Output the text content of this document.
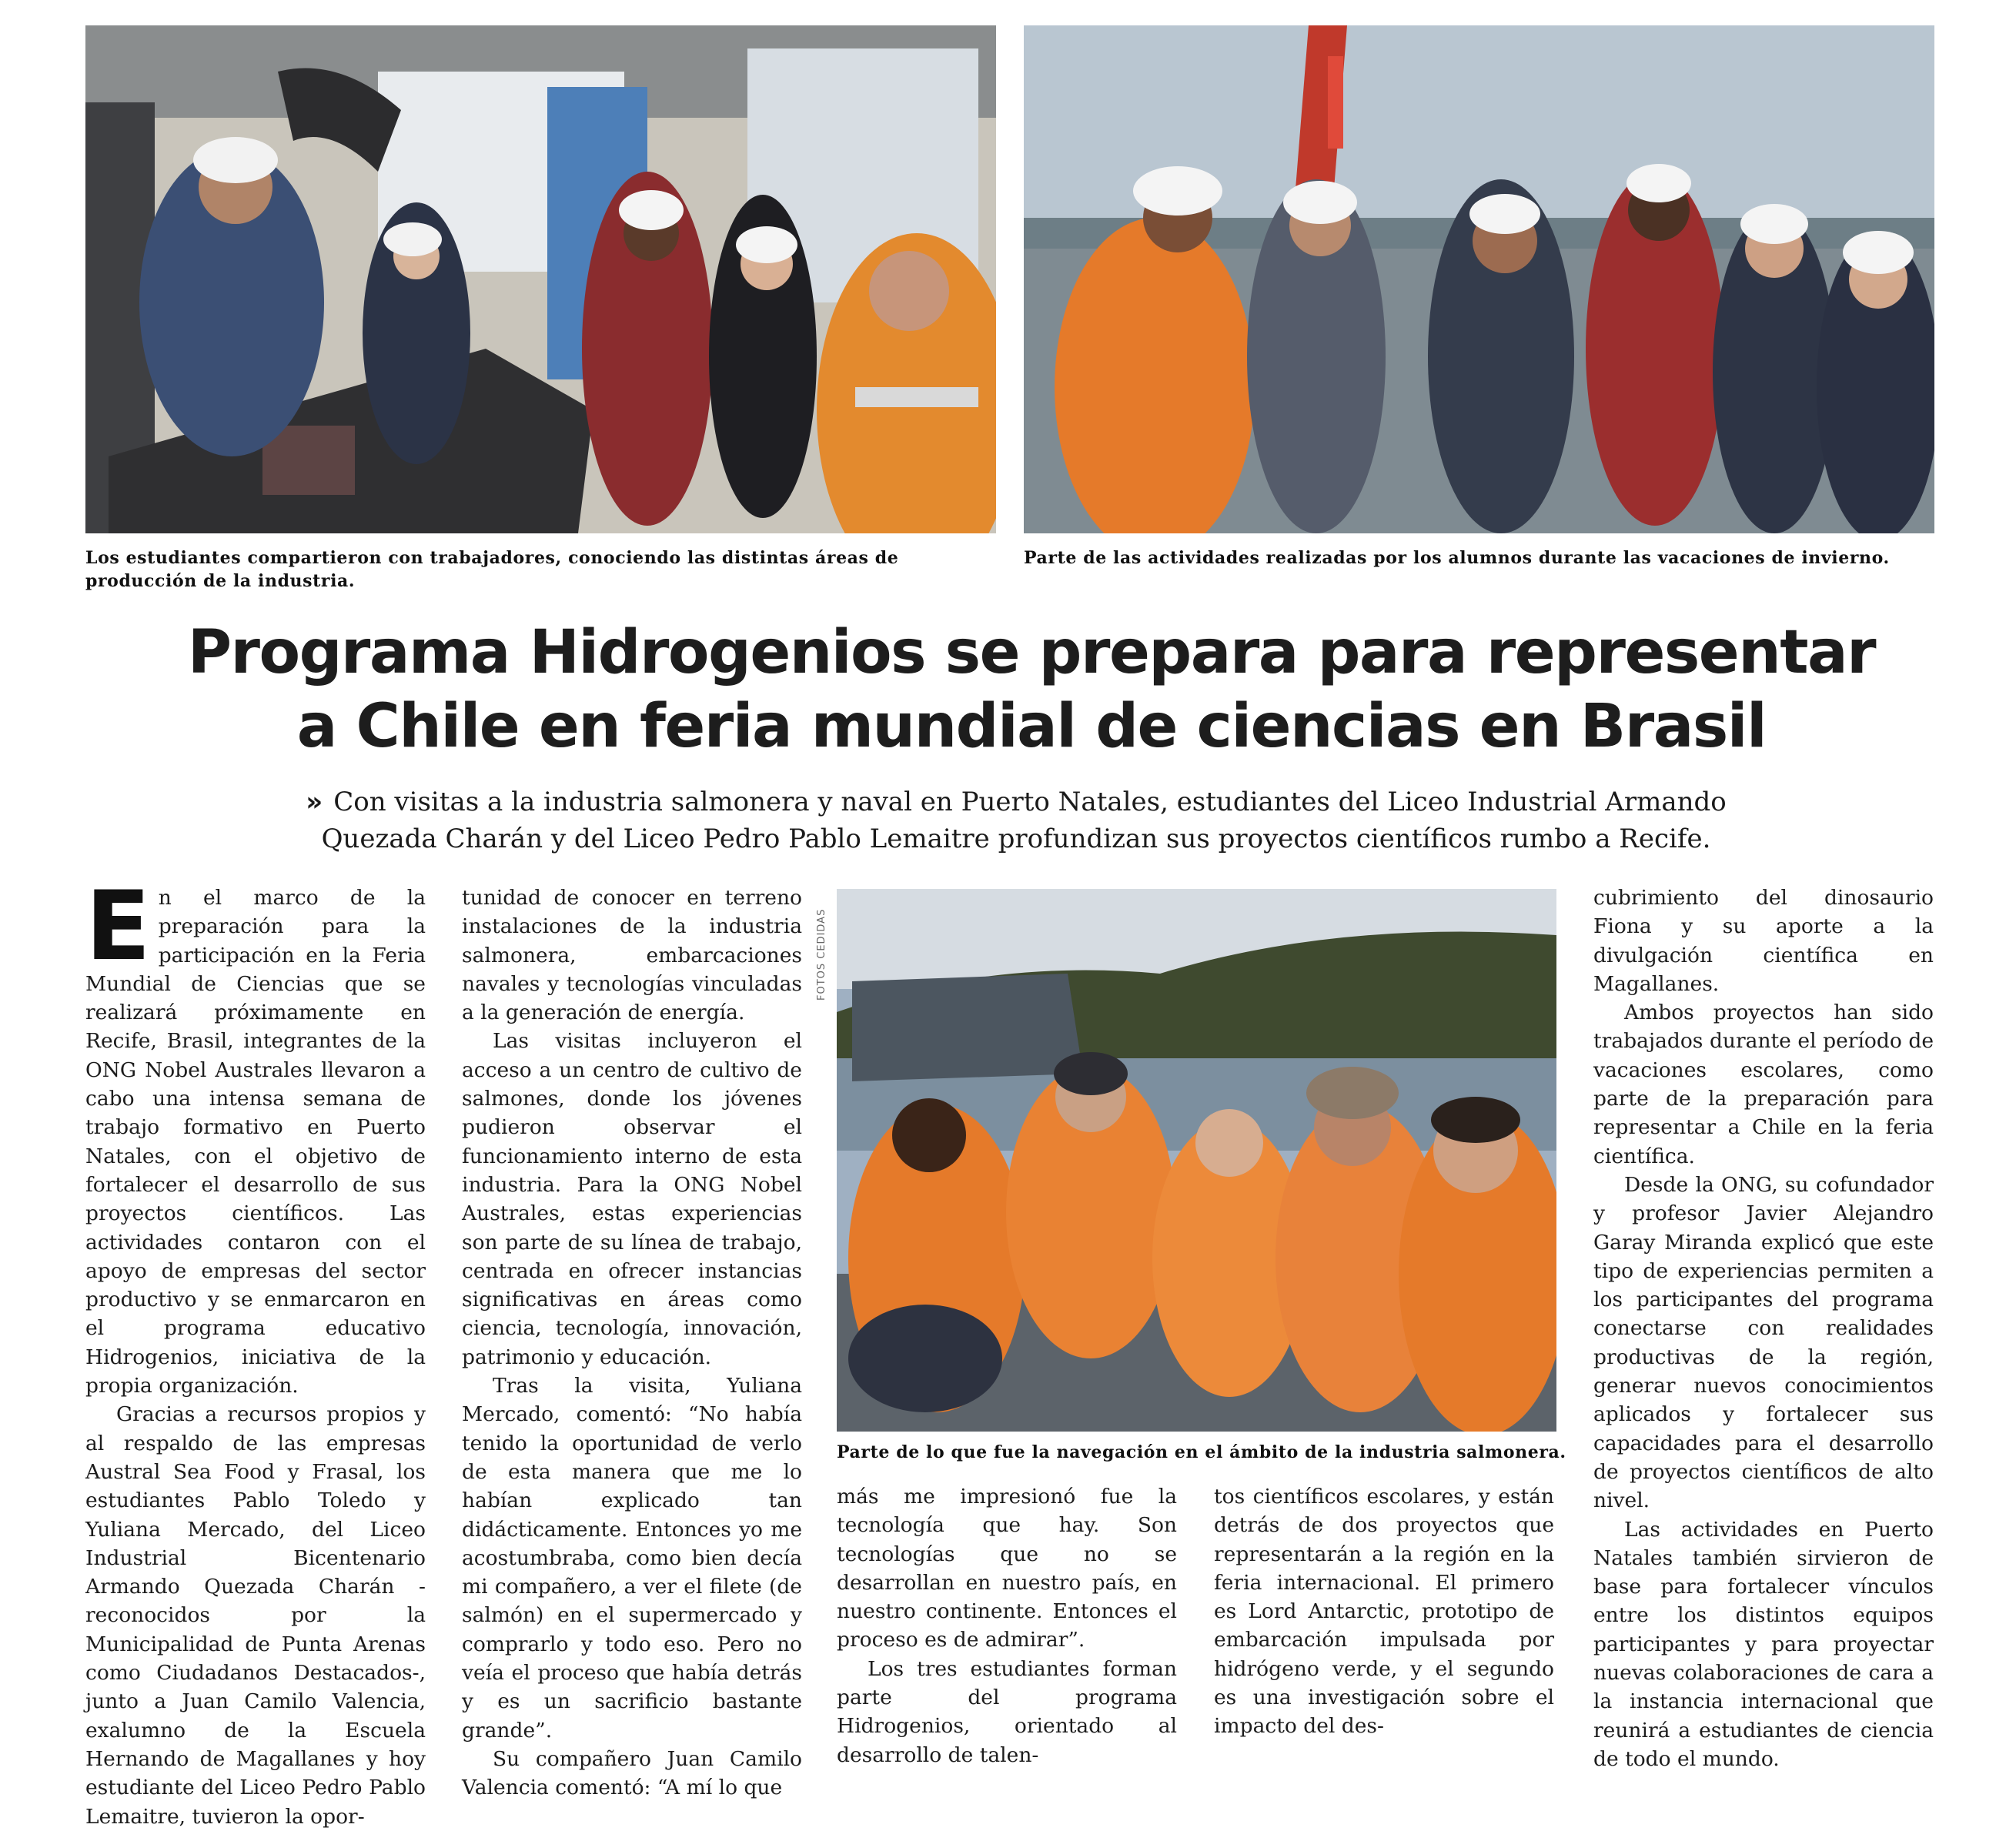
Los estudiantes compartieron con trabajadores, conociendo las distintas áreas de producción de la industria.
Parte de las actividades realizadas por los alumnos durante las vacaciones de invierno.
Programa Hidrogenios se prepara para representar
a Chile en feria mundial de ciencias en Brasil
» Con visitas a la industria salmonera y naval en Puerto Natales, estudiantes del Liceo Industrial Armando Quezada Charán y del Liceo Pedro Pablo Lemaitre profundizan sus proyectos científicos rumbo a Recife.

En el marco de la preparación para la participación en la Feria Mundial de Ciencias que se realizará próximamente en Recife, Brasil, integrantes de la ONG Nobel Australes llevaron a cabo una intensa semana de trabajo formativo en Puerto Natales, con el objetivo de fortalecer el desarrollo de sus proyectos científicos. Las actividades contaron con el apoyo de empresas del sector productivo y se enmarcaron en el programa educativo Hidrogenios, iniciativa de la propia organización.

Gracias a recursos propios y al respaldo de las empresas Austral Sea Food y Frasal, los estudiantes Pablo Toledo y Yuliana Mercado, del Liceo Industrial Bicentenario Armando Quezada Charán -reconocidos por la Municipalidad de Punta Arenas como Ciudadanos Destacados-, junto a Juan Camilo Valencia, exalumno de la Escuela Hernando de Magallanes y hoy estudiante del Liceo Pedro Pablo Lemaitre, tuvieron la opor-

tunidad de conocer en terreno instalaciones de la industria salmonera, embarcaciones navales y tecnologías vinculadas a la generación de energía.

Las visitas incluyeron el acceso a un centro de cultivo de salmones, donde los jóvenes pudieron observar el funcionamiento interno de esta industria. Para la ONG Nobel Australes, estas experiencias son parte de su línea de trabajo, centrada en ofrecer instancias significativas en áreas como ciencia, tecnología, innovación, patrimonio y educación.

Tras la visita, Yuliana Mercado, comentó: “No había tenido la oportunidad de verlo de esta manera que me lo habían explicado tan didácticamente. Entonces yo me acostumbraba, como bien decía mi compañero, a ver el filete (de salmón) en el supermercado y comprarlo y todo eso. Pero no veía el proceso que había detrás y es un sacrificio bastante grande”.

Su compañero Juan Camilo Valencia comentó: “A mí lo que

FOTOS CEDIDAS
Parte de lo que fue la navegación en el ámbito de la industria salmonera.

más me impresionó fue la tecnología que hay. Son tecnologías que no se desarrollan en nuestro país, en nuestro continente. Entonces el proceso es de admirar”.

Los tres estudiantes forman parte del programa Hidrogenios, orientado al desarrollo de talen-

tos científicos escolares, y están detrás de dos proyectos que representarán a la región en la feria internacional. El primero es Lord Antarctic, prototipo de embarcación impulsada por hidrógeno verde, y el segundo es una investigación sobre el impacto del des-

cubrimiento del dinosaurio Fiona y su aporte a la divulgación científica en Magallanes.

Ambos proyectos han sido trabajados durante el período de vacaciones escolares, como parte de la preparación para representar a Chile en la feria científica.

Desde la ONG, su cofundador y profesor Javier Alejandro Garay Miranda explicó que este tipo de experiencias permiten a los participantes del programa conectarse con realidades productivas de la región, generar nuevos conocimientos aplicados y fortalecer sus capacidades para el desarrollo de proyectos científicos de alto nivel.

Las actividades en Puerto Natales también sirvieron de base para fortalecer vínculos entre los distintos equipos participantes y para proyectar nuevas colaboraciones de cara a la instancia internacional que reunirá a estudiantes de ciencia de todo el mundo.
